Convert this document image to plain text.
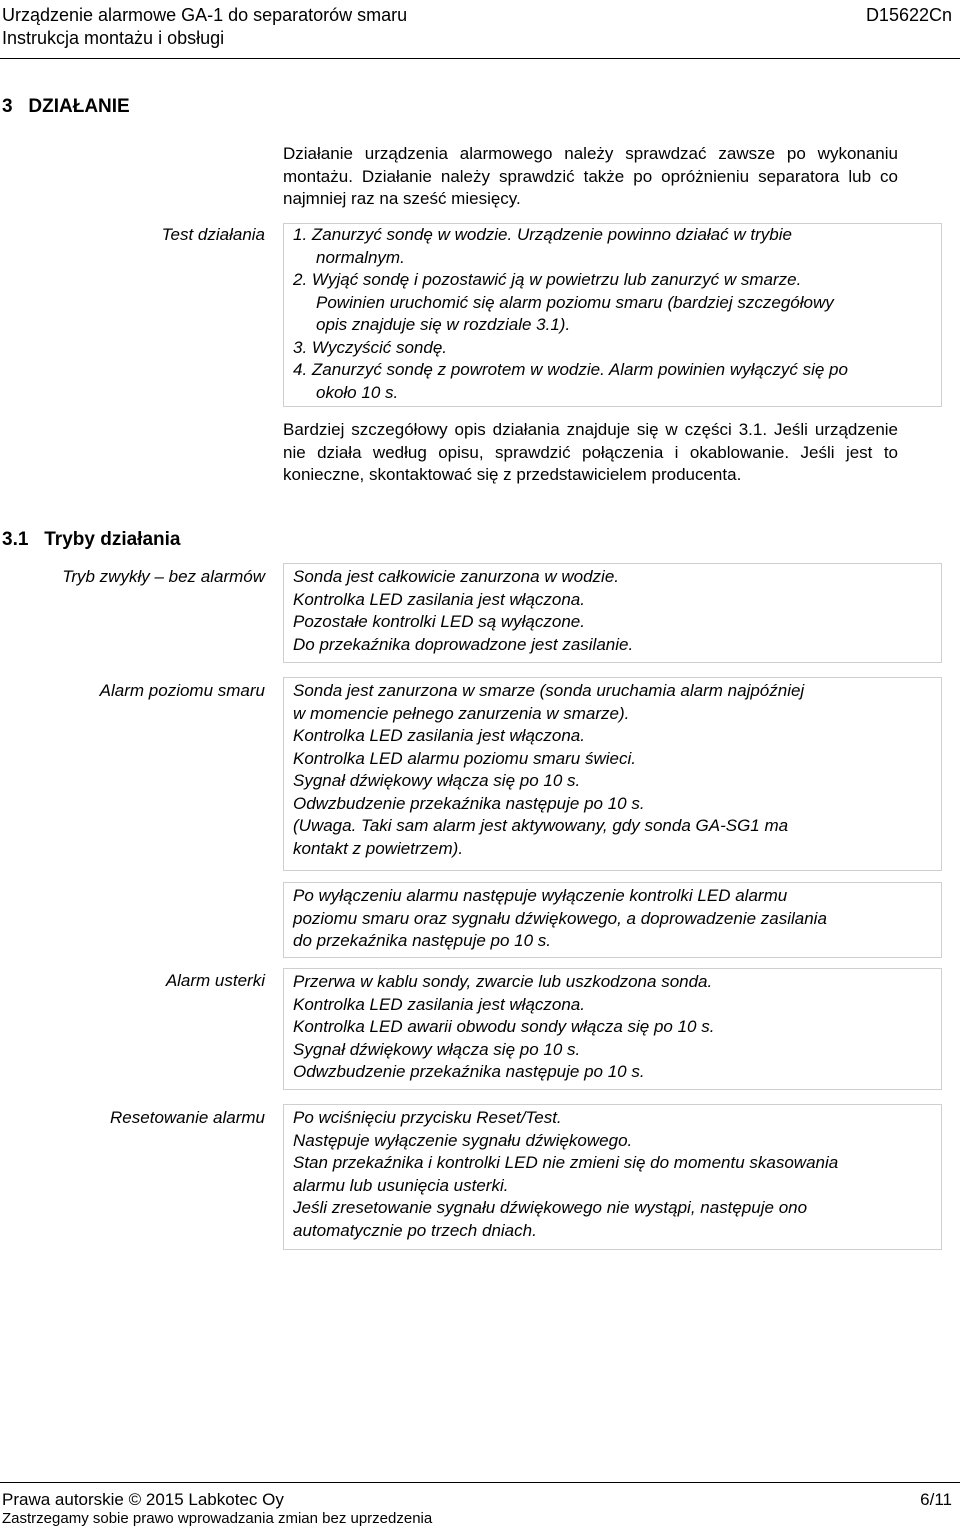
Urządzenie alarmowe GA-1 do separatorów smaru
Instrukcja montażu i obsługi
D15622Cn
3   DZIAŁANIE

Działanie urządzenia alarmowego należy sprawdzać zawsze po wykonaniu montażu. Działanie należy sprawdzić także po opróżnieniu separatora lub co najmniej raz na sześć miesięcy.

Test działania 1. Zanurzyć sondę w wodzie. Urządzenie powinno działać w trybie
normalnym.
2. Wyjąć sondę i pozostawić ją w powietrzu lub zanurzyć w smarze.
Powinien uruchomić się alarm poziomu smaru (bardziej szczegółowy
opis znajduje się w rozdziale 3.1).
3. Wyczyścić sondę.
4. Zanurzyć sondę z powrotem w wodzie. Alarm powinien wyłączyć się po
około 10 s.

Bardziej szczegółowy opis działania znajduje się w części 3.1. Jeśli urządzenie nie działa według opisu, sprawdzić połączenia i okablowanie. Jeśli jest to konieczne, skontaktować się z przedstawicielem producenta.

3.1   Tryby działania
Tryb zwykły – bez alarmów Sonda jest całkowicie zanurzona w wodzie.
Kontrolka LED zasilania jest włączona.
Pozostałe kontrolki LED są wyłączone.
Do przekaźnika doprowadzone jest zasilanie.
Alarm poziomu smaru Sonda jest zanurzona w smarze (sonda uruchamia alarm najpóźniej
w momencie pełnego zanurzenia w smarze).
Kontrolka LED zasilania jest włączona.
Kontrolka LED alarmu poziomu smaru świeci.
Sygnał dźwiękowy włącza się po 10 s.
Odwzbudzenie przekaźnika następuje po 10 s.
(Uwaga. Taki sam alarm jest aktywowany, gdy sonda GA-SG1 ma
kontakt z powietrzem).
Po wyłączeniu alarmu następuje wyłączenie kontrolki LED alarmu
poziomu smaru oraz sygnału dźwiękowego, a doprowadzenie zasilania
do przekaźnika następuje po 10 s.
Alarm usterki Przerwa w kablu sondy, zwarcie lub uszkodzona sonda.
Kontrolka LED zasilania jest włączona.
Kontrolka LED awarii obwodu sondy włącza się po 10 s.
Sygnał dźwiękowy włącza się po 10 s.
Odwzbudzenie przekaźnika następuje po 10 s.
Resetowanie alarmu Po wciśnięciu przycisku Reset/Test.
Następuje wyłączenie sygnału dźwiękowego.
Stan przekaźnika i kontrolki LED nie zmieni się do momentu skasowania
alarmu lub usunięcia usterki.
Jeśli zresetowanie sygnału dźwiękowego nie wystąpi, następuje ono
automatycznie po trzech dniach.
Prawa autorskie © 2015 Labkotec Oy	6/11
Zastrzegamy sobie prawo wprowadzania zmian bez uprzedzenia
